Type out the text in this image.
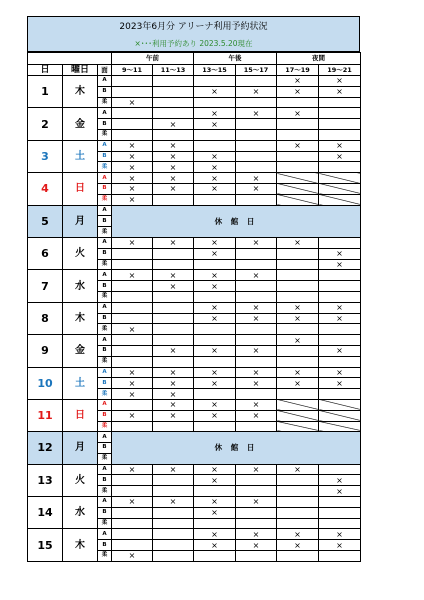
2023年6月分 アリーナ利用予約状況
×･･･利用予約あり 2023.5.20現在
			午前		午後		夜間	
日	曜日	面	9～11	11～13	13～15	15～17	17～19	19～21
1	木	A					×	×
		B			×	×	×	×
		柔	×					
2	金	A			×	×	×	
		B		×	×			
		柔						
3	土	A	×	×			×	×
		B	×	×	×			×
		柔	×	×	×			
4	日	A	×	×	×	×		
		B	×	×	×	×		
		柔	×					
5	月	A	休 館 日					
		B						
		柔						
6	火	A	×	×	×	×	×	
		B			×			×
		柔						×
7	水	A	×	×	×	×		
		B		×	×			
		柔						
8	木	A			×	×	×	×
		B			×	×	×	×
		柔	×					
9	金	A					×	
		B		×	×	×		×
		柔						
10	土	A	×	×	×	×	×	×
		B	×	×	×	×	×	×
		柔	×	×				
11	日	A		×	×	×		
		B	×	×	×	×		
		柔						
12	月	A	休 館 日					
		B						
		柔						
13	火	A	×	×	×	×	×	
		B			×			×
		柔						×
14	水	A	×	×	×	×		
		B			×			
		柔						
15	木	A			×	×	×	×
		B			×	×	×	×
		柔	×					
